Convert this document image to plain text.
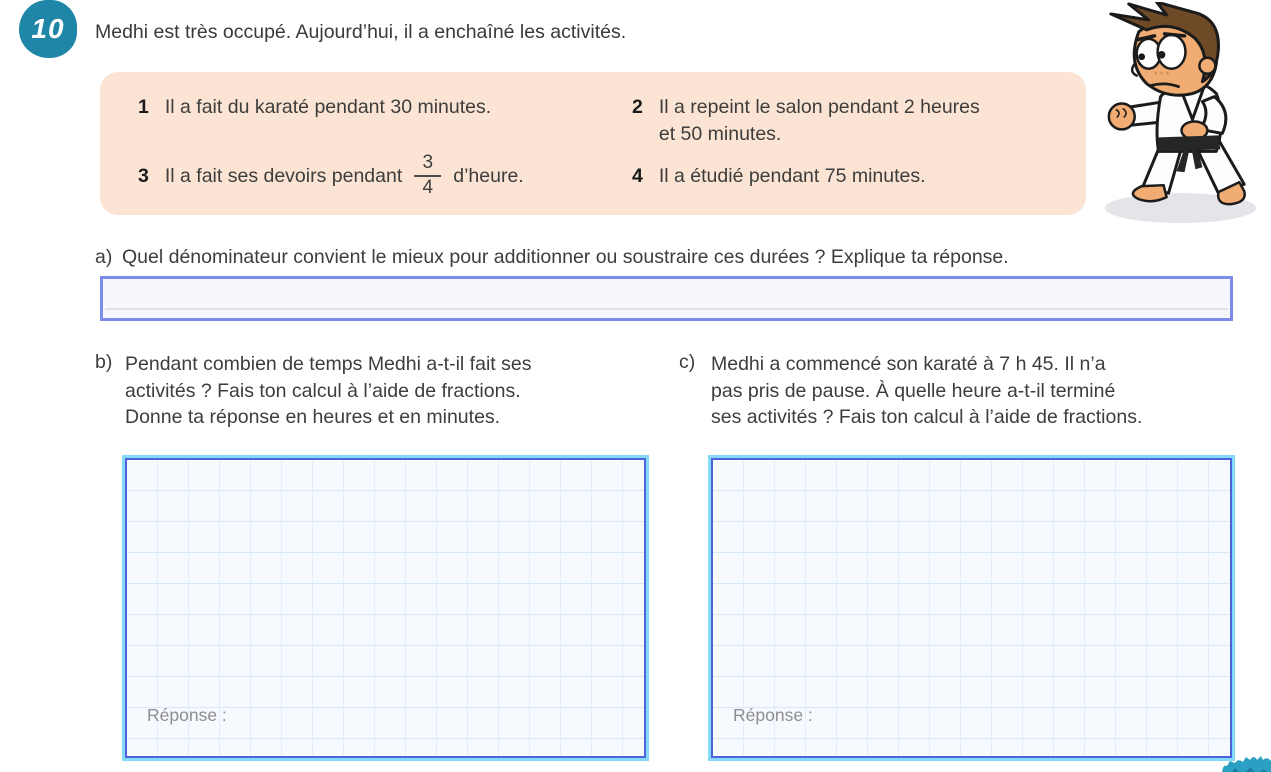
10 Medhi est très occupé. Aujourd’hui, il a enchaîné les activités.
1 Il a fait du karaté pendant 30 minutes.	2 Il a repeint le salon pendant 2 heures
et 50 minutes.
3 Il a fait ses devoirs pendant $\frac{3}{4}$ d’heure.	4 Il a étudié pendant 75 minutes.
a) Quel dénominateur convient le mieux pour additionner ou soustraire ces durées ? Explique ta réponse.
b) Pendant combien de temps Medhi a-t-il fait ses
activités ? Fais ton calcul à l’aide de fractions.
Donne ta réponse en heures et en minutes.
c) Medhi a commencé son karaté à 7 h 45. Il n’a
pas pris de pause. À quelle heure a-t-il terminé
ses activités ? Fais ton calcul à l’aide de fractions.
Réponse :	Réponse :
